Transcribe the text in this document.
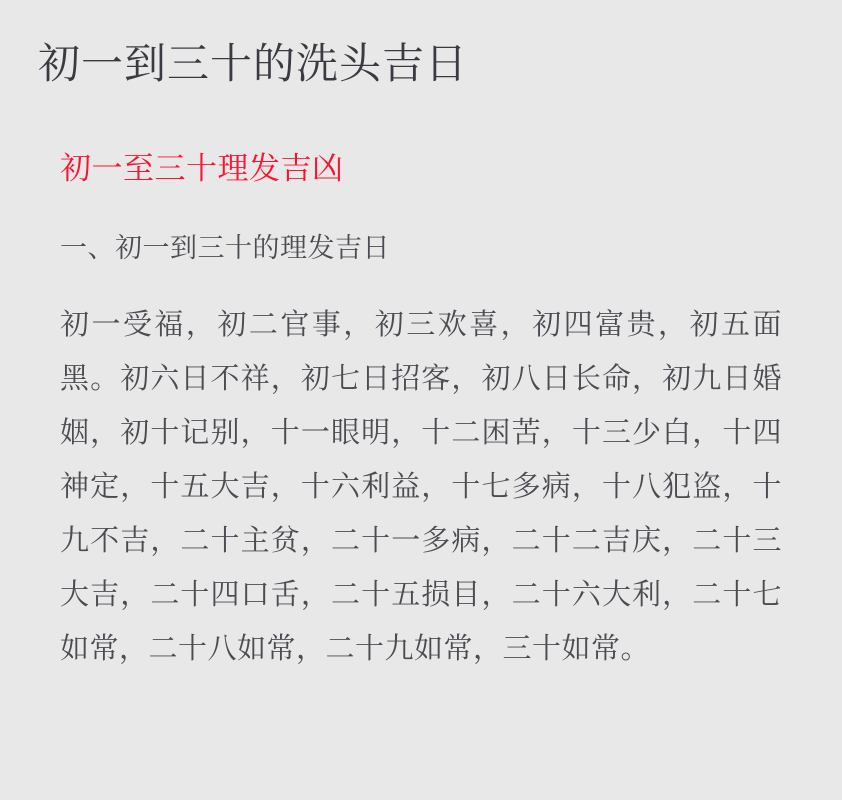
初一到三十的洗头吉日
初一至三十理发吉凶
一、初一到三十的理发吉日

初一受福，初二官事，初三欢喜，初四富贵，初五面黑。初六日不祥，初七日招客，初八日长命，初九日婚姻，初十记别，十一眼明，十二困苦，十三少白，十四神定，十五大吉，十六利益，十七多病，十八犯盗，十九不吉，二十主贫，二十一多病，二十二吉庆，二十三大吉，二十四口舌，二十五损目，二十六大利，二十七如常，二十八如常，二十九如常，三十如常。
